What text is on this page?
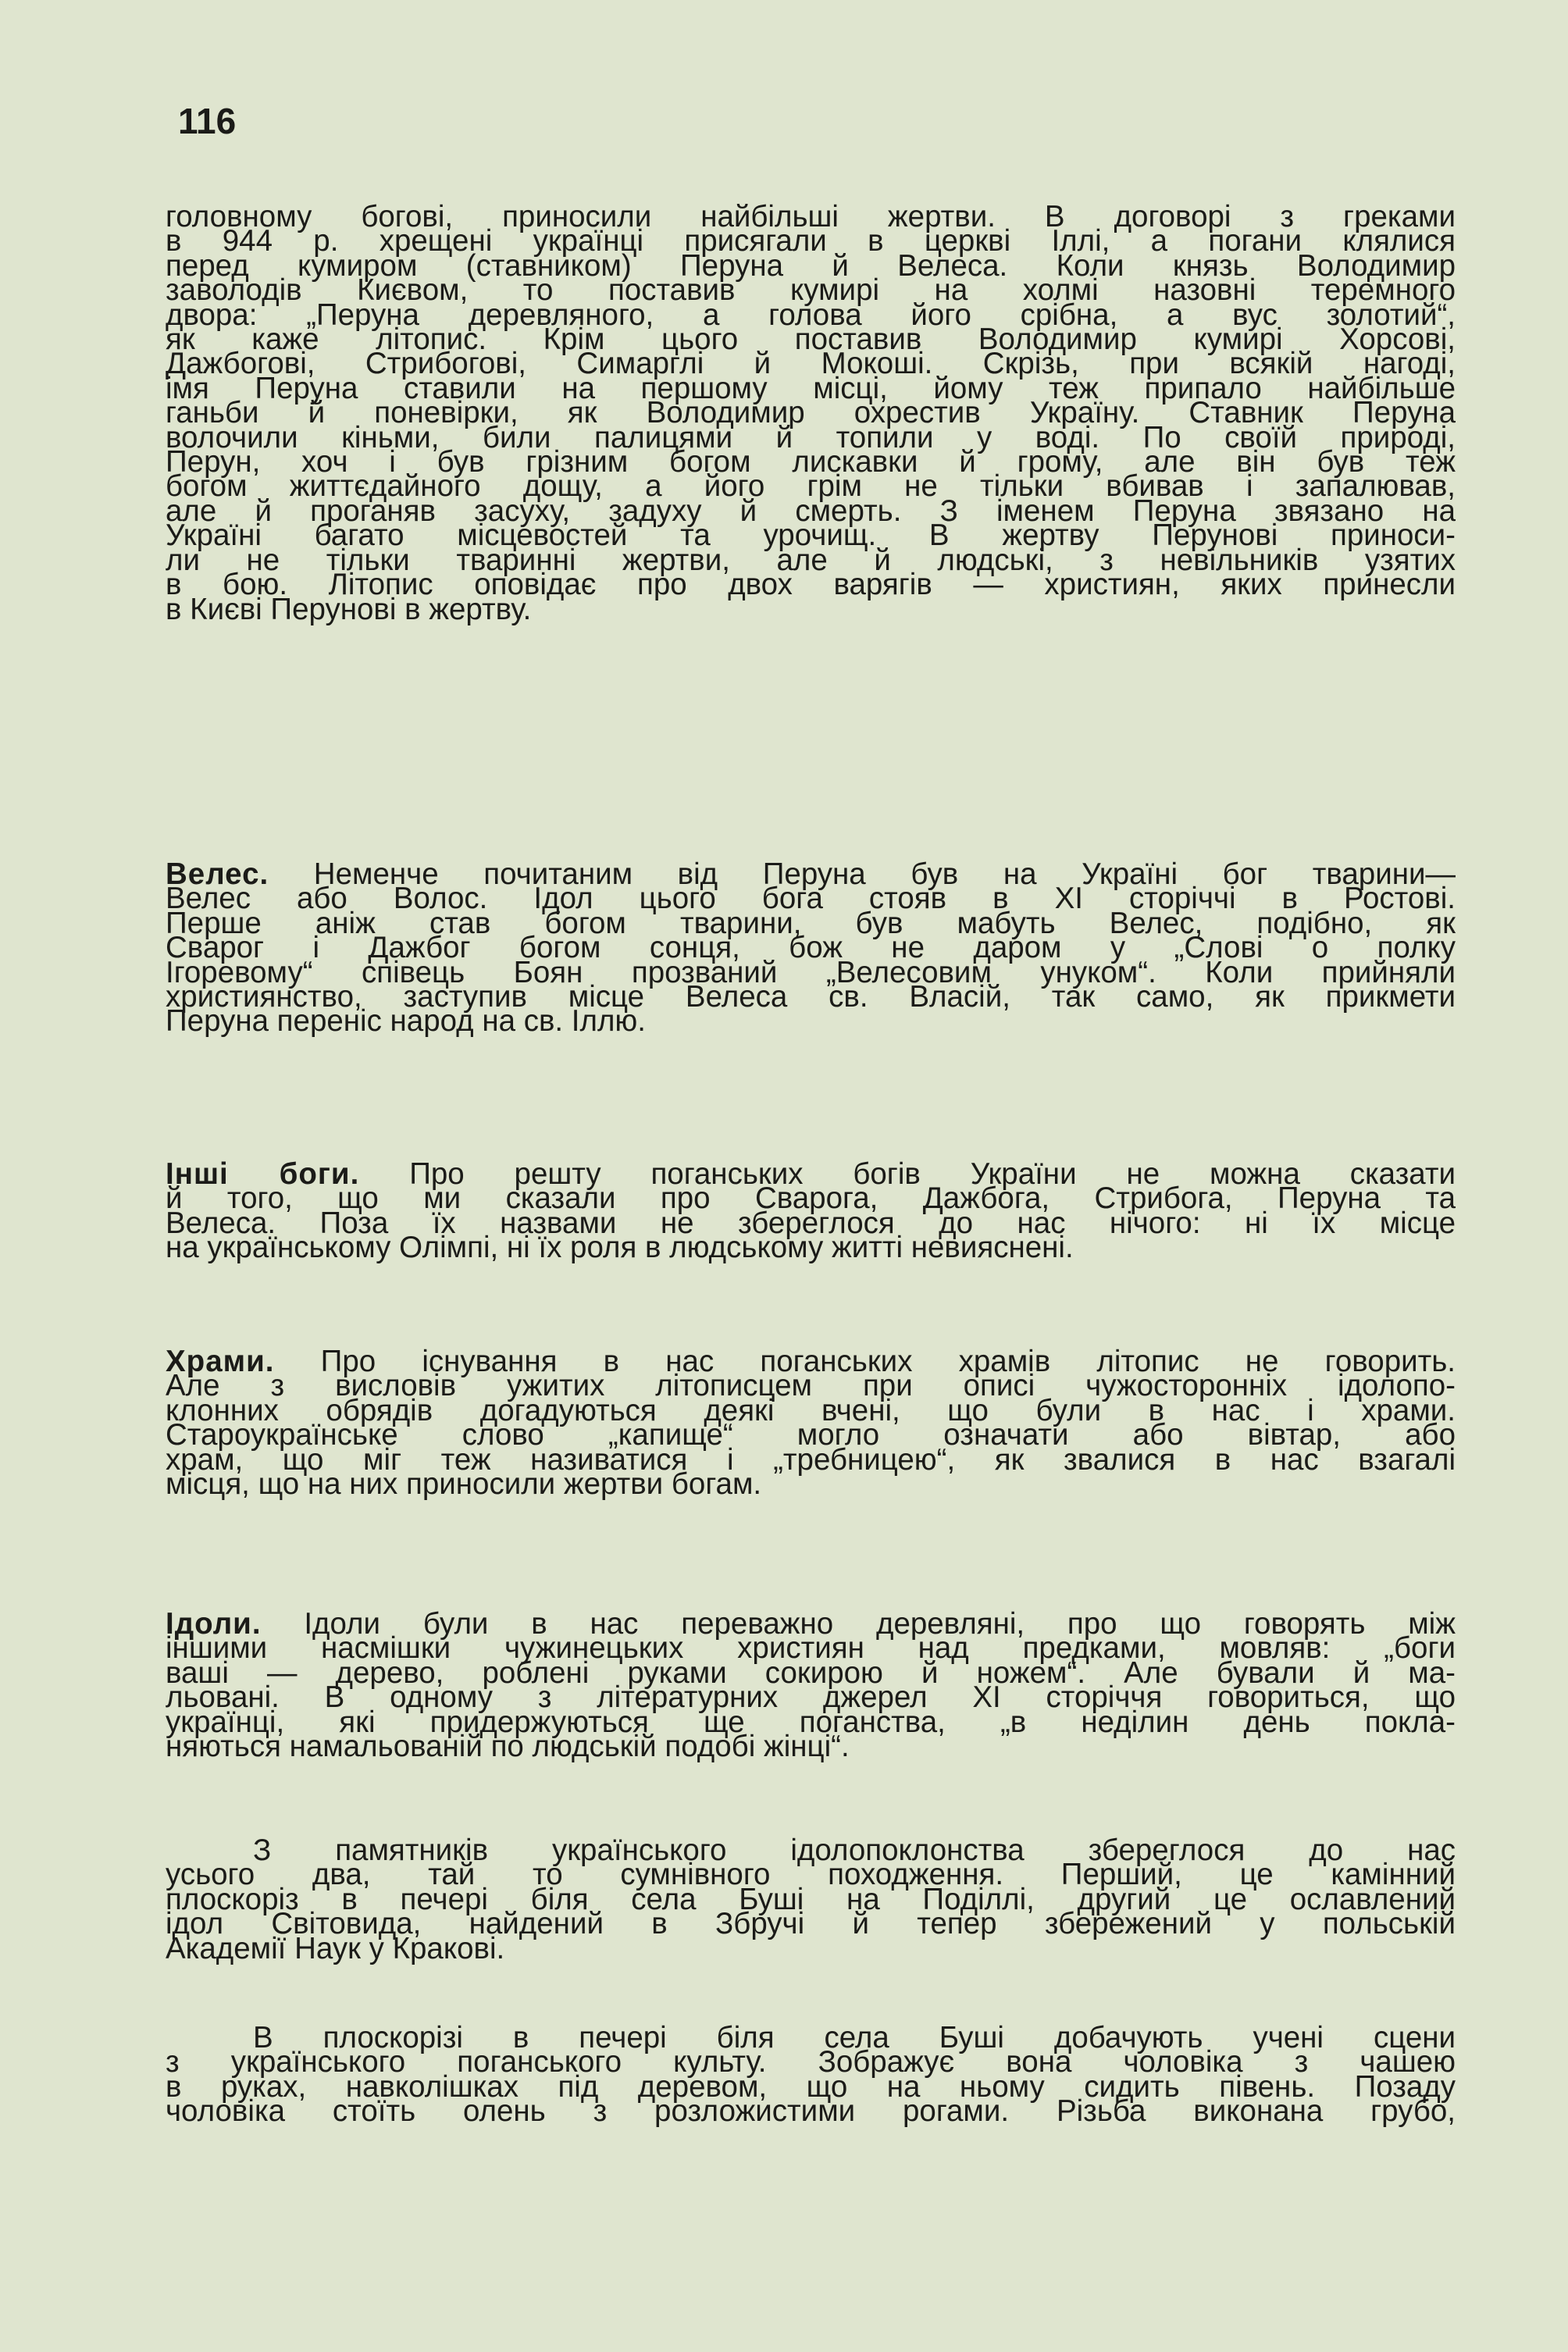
116

головному богові, приносили найбільші жертви. В договорі з греками
в 944 р. хрещені українці присягали в церкві Іллі, а погани клялися
перед кумиром (ставником) Перуна й Велеса. Коли князь Володимир
заволодів Києвом, то поставив кумирі на холмі назовні теремного
двора: „Перуна деревляного, а голова його срібна, а вус золотий“,
як каже літопис. Крім цього поставив Володимир кумирі Хорсові,
Дажбогові, Стрибогові, Симарглі й Мокоші. Скрізь, при всякій нагоді,
імя Перуна ставили на першому місці, йому теж припало найбільше
ганьби й поневірки, як Володимир охрестив Україну. Ставник Перуна
волочили кіньми, били палицями й топили у воді. По своїй природі,
Перун, хоч і був грізним богом лискавки й грому, але він був теж
богом життєдайного дощу, а його грім не тільки вбивав і запалював,
але й проганяв засуху, задуху й смерть. З іменем Перуна звязано на
Україні багато місцевостей та урочищ. В жертву Перунові приноси-
ли не тільки тваринні жертви, але й людські, з невільників узятих
в бою. Літопис оповідає про двох варягів — християн, яких принесли
в Києві Перунові в жертву.
Велес. Неменче почитаним від Перуна був на Україні бог тварини—
Велес або Волос. Ідол цього бога стояв в XI сторіччі в Ростові.
Перше аніж став богом тварини, був мабуть Велес, подібно, як
Сварог і Дажбог богом сонця, бож не даром у „Слові о полку
Ігоревому“ співець Боян прозваний „Велесовим унуком“. Коли прийняли
християнство, заступив місце Велеса св. Власій, так само, як прикмети
Перуна переніс народ на св. Іллю.
Інші боги. Про решту поганських богів України не можна сказати
й того, що ми сказали про Сварога, Дажбога, Стрибога, Перуна та
Велеса. Поза їх назвами не збереглося до нас нічого: ні їх місце
на українському Олімпі, ні їх роля в людському житті невияснені.
Храми. Про існування в нас поганських храмів літопис не говорить.
Але з висловів ужитих літописцем при описі чужосторонніх ідолопо-
клонних обрядів догадуються деякі вчені, що були в нас і храми.
Староукраїнське слово „капище“ могло означати або вівтар, або
храм, що міг теж називатися і „требницею“, як звалися в нас взагалі
місця, що на них приносили жертви богам.
Ідоли. Ідоли були в нас переважно деревляні, про що говорять між
іншими насмішки чужинецьких християн над предками, мовляв: „боги
ваші — дерево, роблені руками сокирою й ножем“. Але бували й ма-
льовані. В одному з літературних джерел XI сторіччя говориться, що
українці, які придержуються ще поганства, „в неділин день покла-
няються намальованій по людській подобі жінці“.
З памятників українського ідолопоклонства збереглося до нас
усього два, тай то сумнівного походження. Перший, це камінний
плоскоріз в печері біля села Буші на Поділлі, другий це ославлений
ідол Світовида, найдений в Збручі й тепер збережений у польській
Академії Наук у Кракові.
В плоскорізі в печері біля села Буші добачують учені сцени
з українського поганського культу. Зображує вона чоловіка з чашею
в руках, навколішках під деревом, що на ньому сидить півень. Позаду
чоловіка стоїть олень з розложистими рогами. Різьба виконана грубо,
